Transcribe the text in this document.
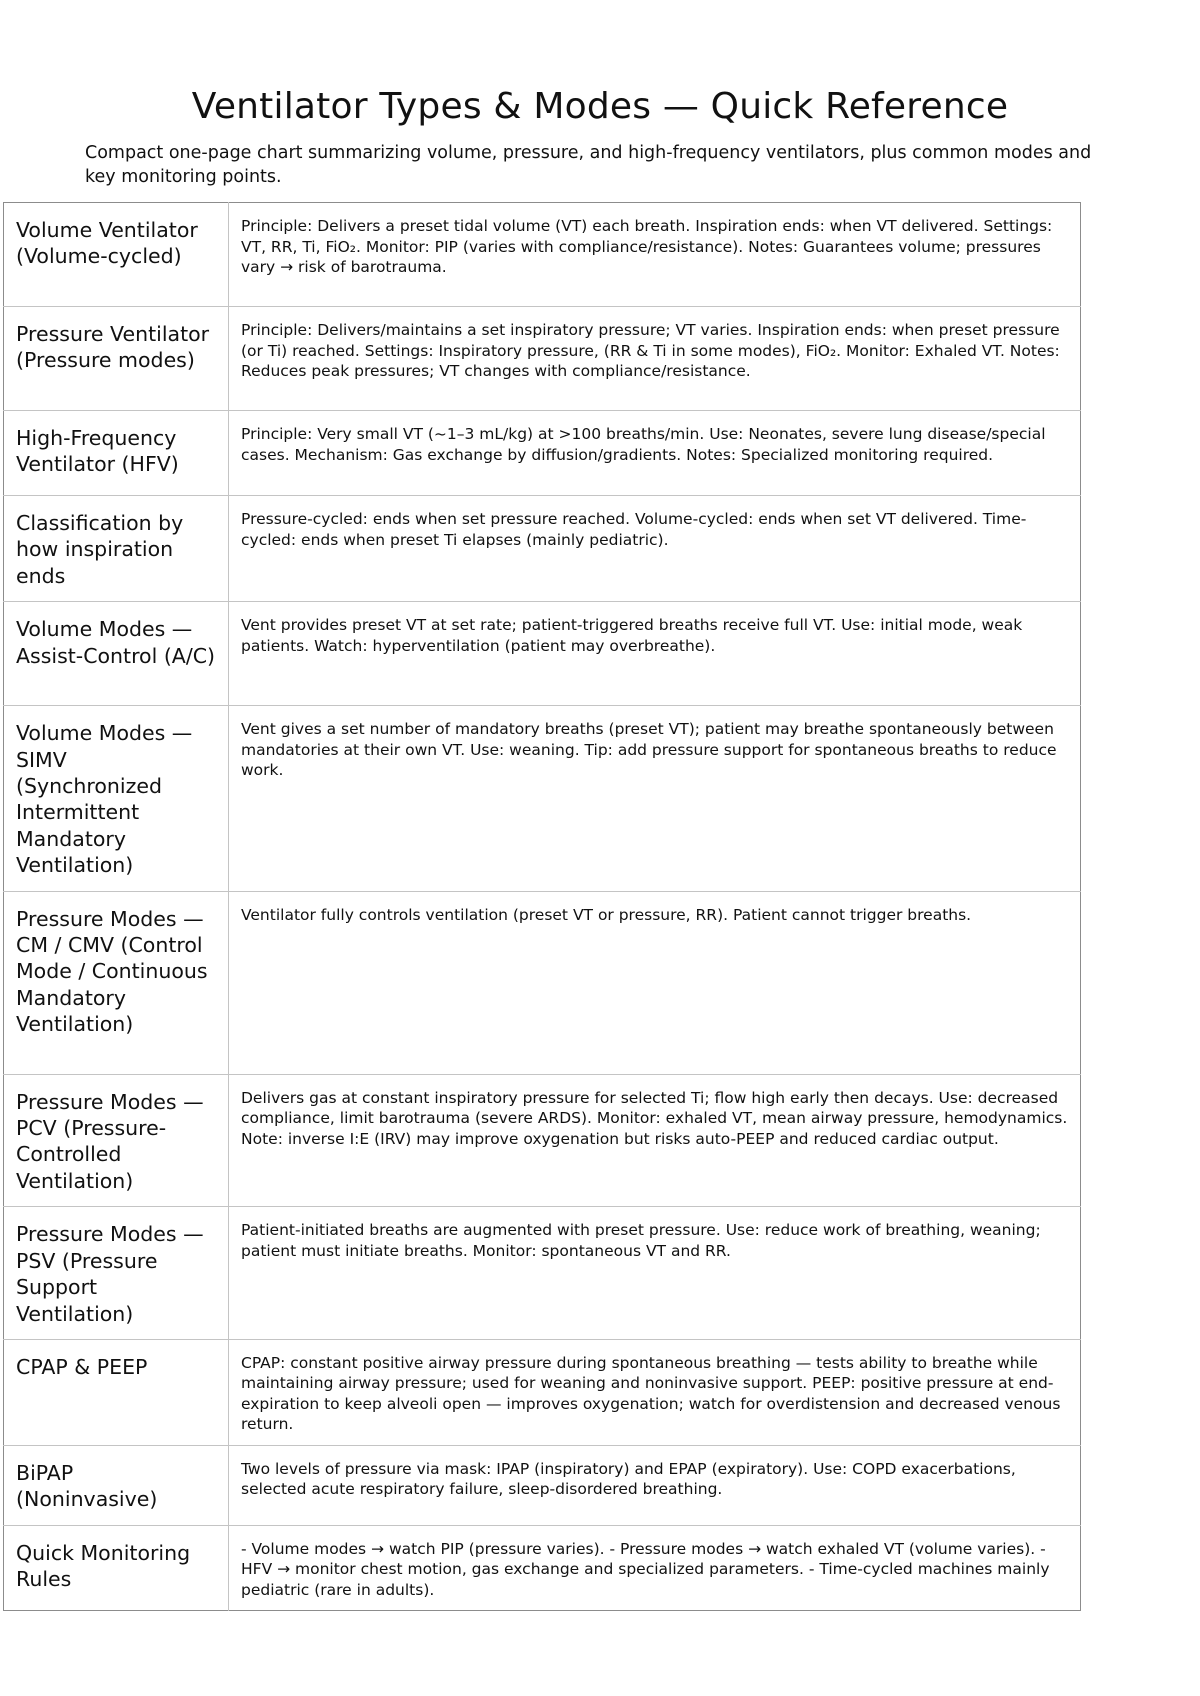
Ventilator Types & Modes — Quick Reference

Compact one-page chart summarizing volume, pressure, and high-frequency ventilators, plus common modes and key monitoring points.

Volume Ventilator (Volume-cycled)	Principle: Delivers a preset tidal volume (VT) each breath. Inspiration ends: when VT delivered. Settings: VT, RR, Ti, FiO₂. Monitor: PIP (varies with compliance/resistance). Notes: Guarantees volume; pressures vary → risk of barotrauma.
Pressure Ventilator (Pressure modes)	Principle: Delivers/maintains a set inspiratory pressure; VT varies. Inspiration ends: when preset pressure (or Ti) reached. Settings: Inspiratory pressure, (RR & Ti in some modes), FiO₂. Monitor: Exhaled VT. Notes: Reduces peak pressures; VT changes with compliance/resistance.
High-Frequency Ventilator (HFV)	Principle: Very small VT (~1–3 mL/kg) at >100 breaths/min. Use: Neonates, severe lung disease/special cases. Mechanism: Gas exchange by diffusion/gradients. Notes: Specialized monitoring required.
Classification by how inspiration ends	Pressure-cycled: ends when set pressure reached. Volume-cycled: ends when set VT delivered. Time-cycled: ends when preset Ti elapses (mainly pediatric).
Volume Modes — Assist-Control (A/C)	Vent provides preset VT at set rate; patient-triggered breaths receive full VT. Use: initial mode, weak patients. Watch: hyperventilation (patient may overbreathe).
Volume Modes — SIMV (Synchronized Intermittent Mandatory Ventilation)	Vent gives a set number of mandatory breaths (preset VT); patient may breathe spontaneously between mandatories at their own VT. Use: weaning. Tip: add pressure support for spontaneous breaths to reduce work.
Pressure Modes — CM / CMV (Control Mode / Continuous Mandatory Ventilation)	Ventilator fully controls ventilation (preset VT or pressure, RR). Patient cannot trigger breaths.
Pressure Modes — PCV (Pressure-Controlled Ventilation)	Delivers gas at constant inspiratory pressure for selected Ti; flow high early then decays. Use: decreased compliance, limit barotrauma (severe ARDS). Monitor: exhaled VT, mean airway pressure, hemodynamics. Note: inverse I:E (IRV) may improve oxygenation but risks auto-PEEP and reduced cardiac output.
Pressure Modes — PSV (Pressure Support Ventilation)	Patient-initiated breaths are augmented with preset pressure. Use: reduce work of breathing, weaning; patient must initiate breaths. Monitor: spontaneous VT and RR.
CPAP & PEEP	CPAP: constant positive airway pressure during spontaneous breathing — tests ability to breathe while maintaining airway pressure; used for weaning and noninvasive support. PEEP: positive pressure at end-expiration to keep alveoli open — improves oxygenation; watch for overdistension and decreased venous return.
BiPAP (Noninvasive)	Two levels of pressure via mask: IPAP (inspiratory) and EPAP (expiratory). Use: COPD exacerbations, selected acute respiratory failure, sleep-disordered breathing.
Quick Monitoring Rules	- Volume modes → watch PIP (pressure varies). - Pressure modes → watch exhaled VT (volume varies). - HFV → monitor chest motion, gas exchange and specialized parameters. - Time-cycled machines mainly pediatric (rare in adults).
